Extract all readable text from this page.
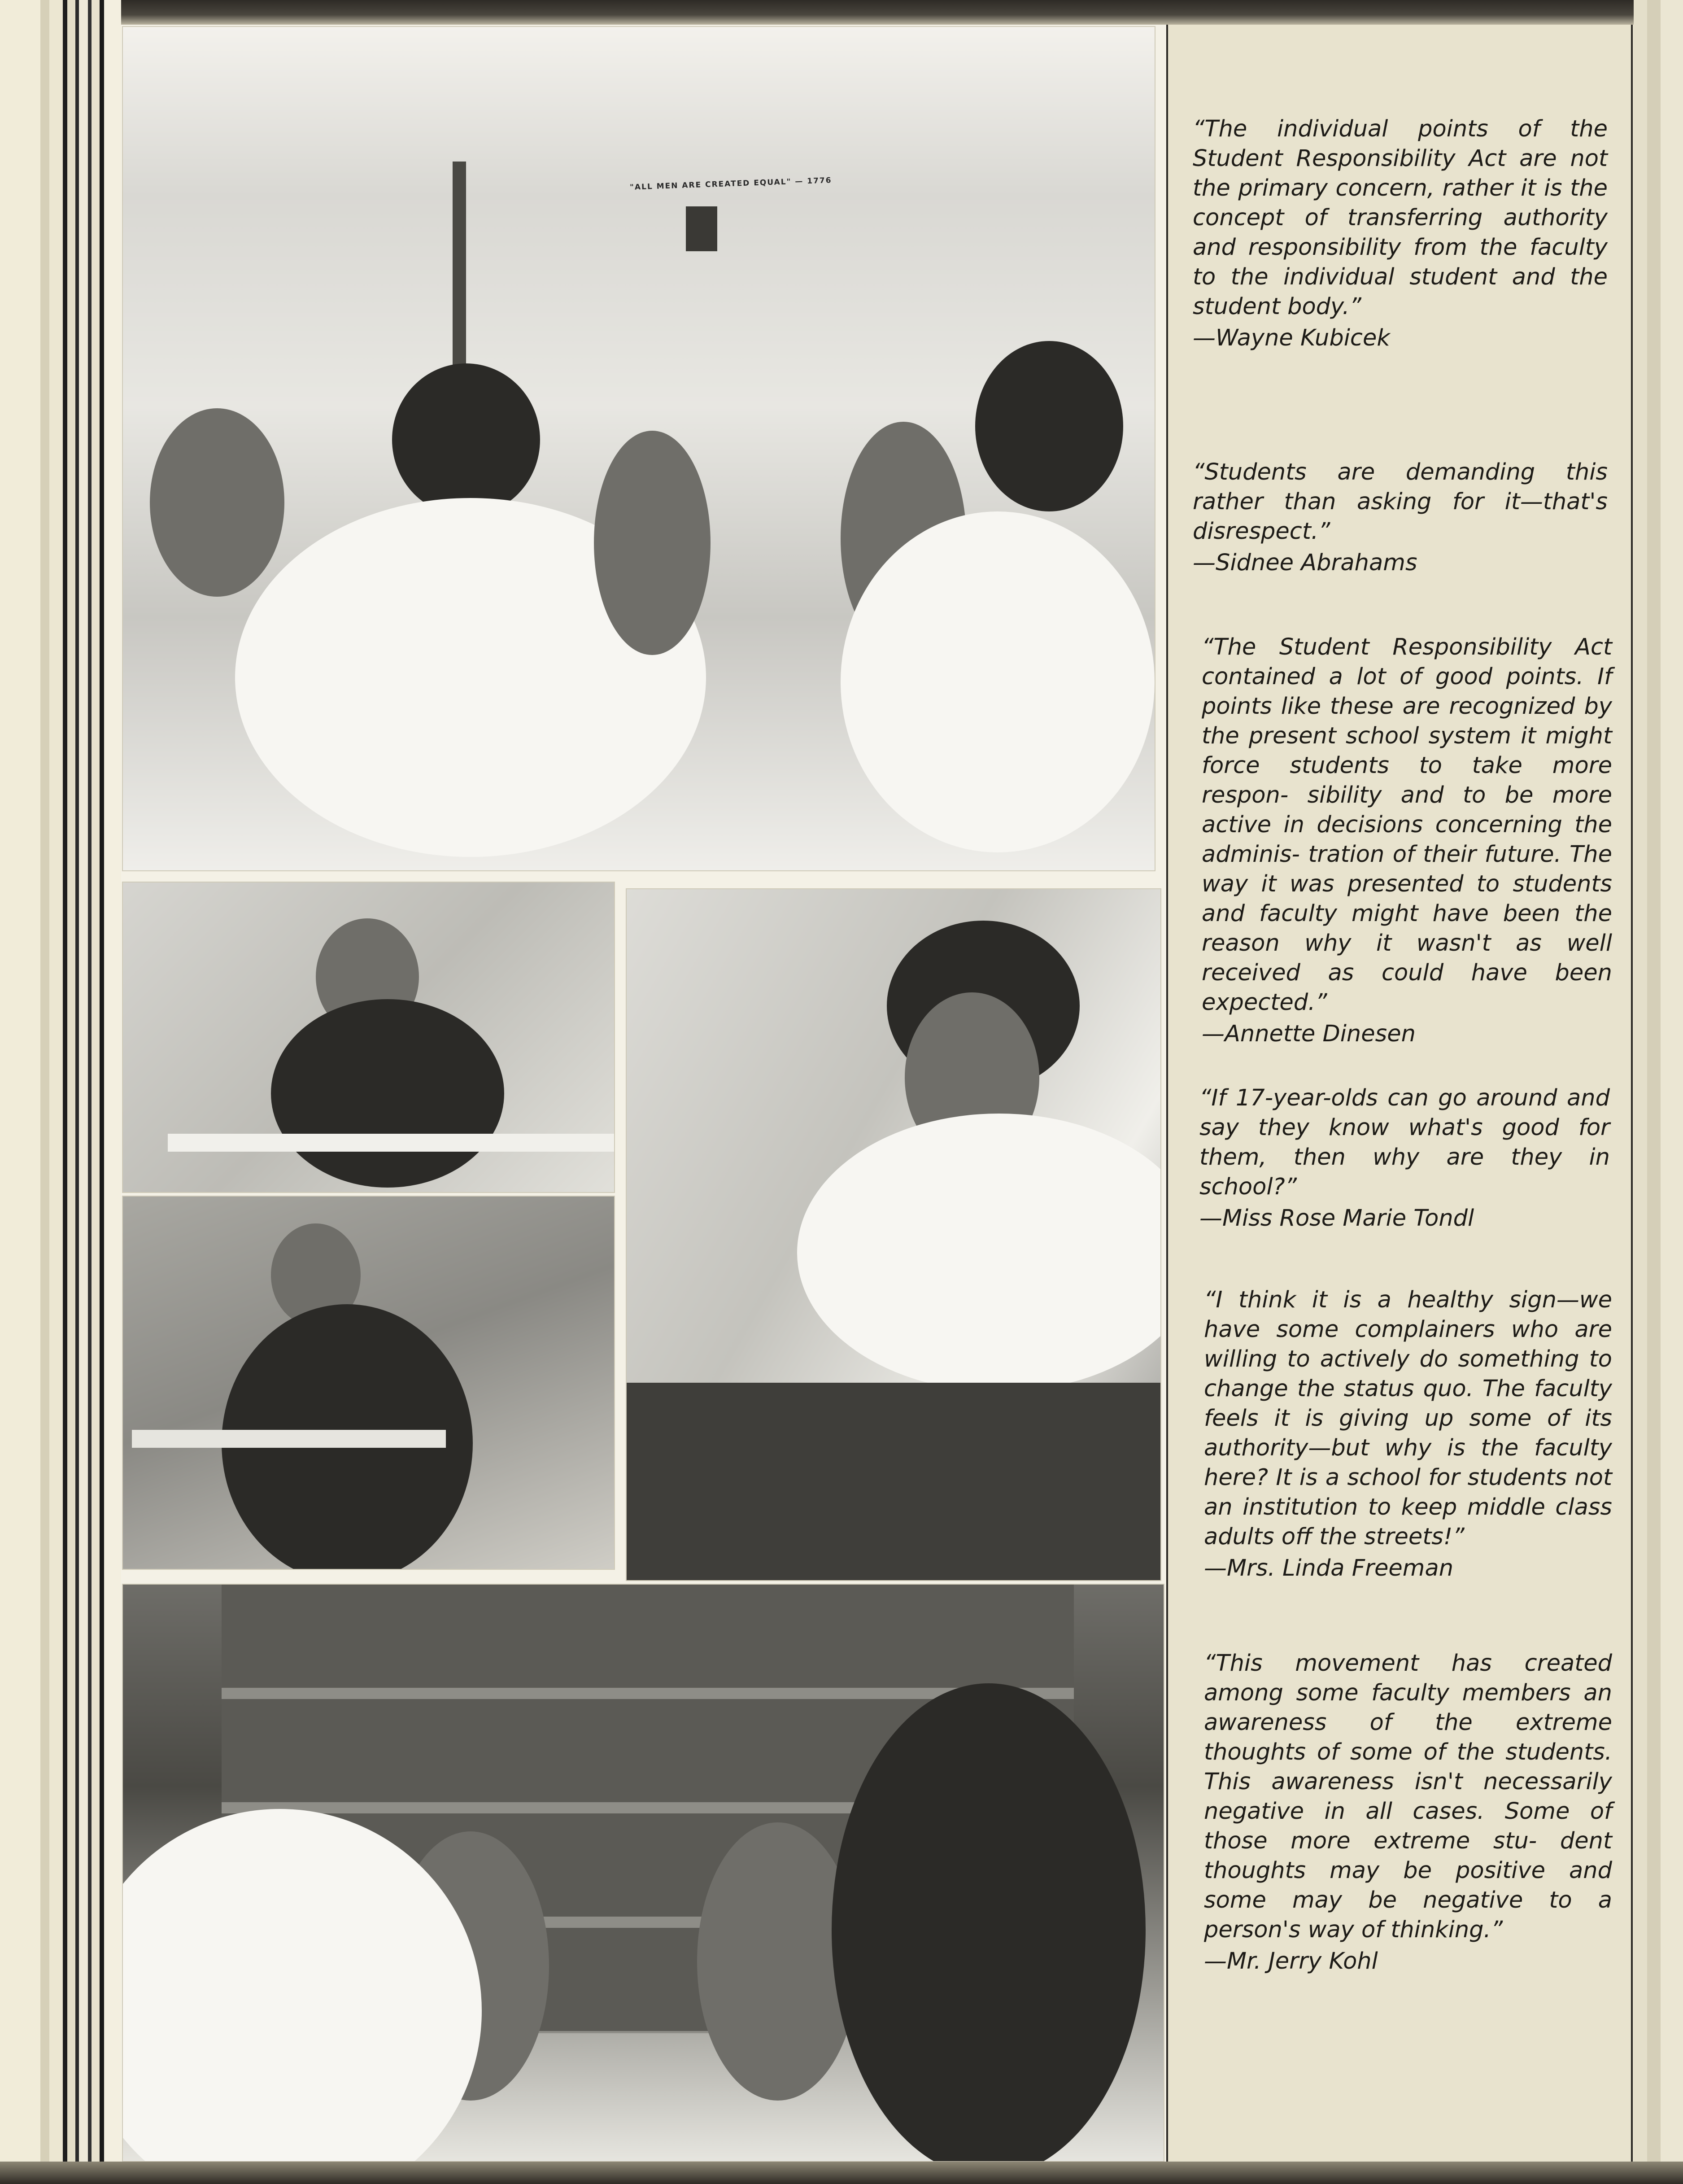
"ALL MEN ARE CREATED EQUAL" — 1776
“The individual points of the Student Responsibility Act are not the primary concern, rather it is the concept of transferring authority and responsibility from the faculty to the individual student and the student body.”
—Wayne Kubicek
“Students are demanding this rather than asking for it—that's disrespect.”
—Sidnee Abrahams
“The Student Responsibility Act contained a lot of good points. If points like these are recognized by the present school system it might force students to take more respon- sibility and to be more active in decisions concerning the adminis- tration of their future. The way it was presented to students and faculty might have been the reason why it wasn't as well received as could have been expected.”
—Annette Dinesen
“If 17-year-olds can go around and say they know what's good for them, then why are they in school?”
—Miss Rose Marie Tondl
“I think it is a healthy sign—we have some complainers who are willing to actively do something to change the status quo. The faculty feels it is giving up some of its authority—but why is the faculty here? It is a school for students not an institution to keep middle class adults off the streets!”
—Mrs. Linda Freeman
“This movement has created among some faculty members an awareness of the extreme thoughts of some of the students. This awareness isn't necessarily negative in all cases. Some of those more extreme stu- dent thoughts may be positive and some may be negative to a person's way of thinking.”
—Mr. Jerry Kohl
